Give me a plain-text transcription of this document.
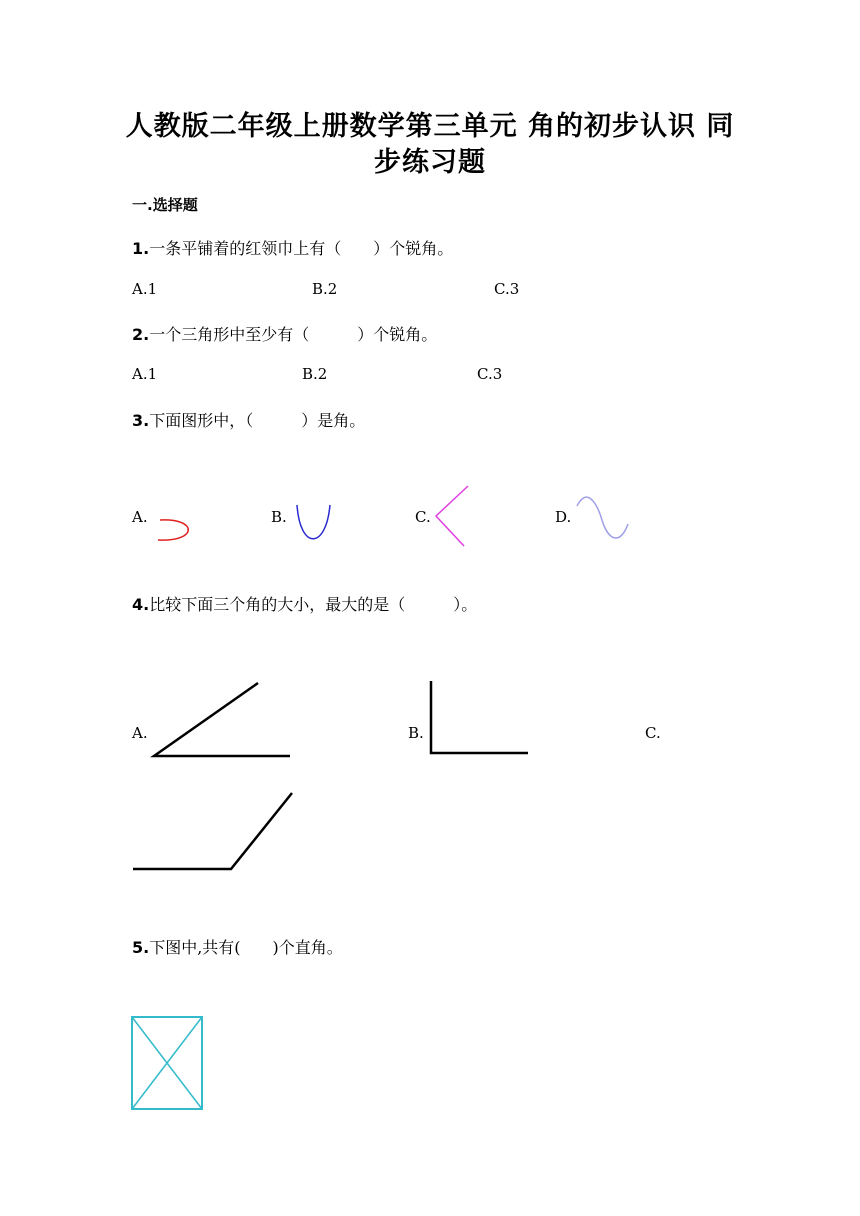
人教版二年级上册数学第三单元 角的初步认识 同
步练习题
一.选择题
1.一条平铺着的红领巾上有（　　）个锐角。
A.1	B.2	C.3
2.一个三角形中至少有（　　　）个锐角。
A.1	B.2	C.3
3.下面图形中，（　　　）是角。
A.	B.	C.	D.
4.比较下面三个角的大小，最大的是（　　　）。
A.	B.	C.
5.下图中,共有(　　)个直角。
